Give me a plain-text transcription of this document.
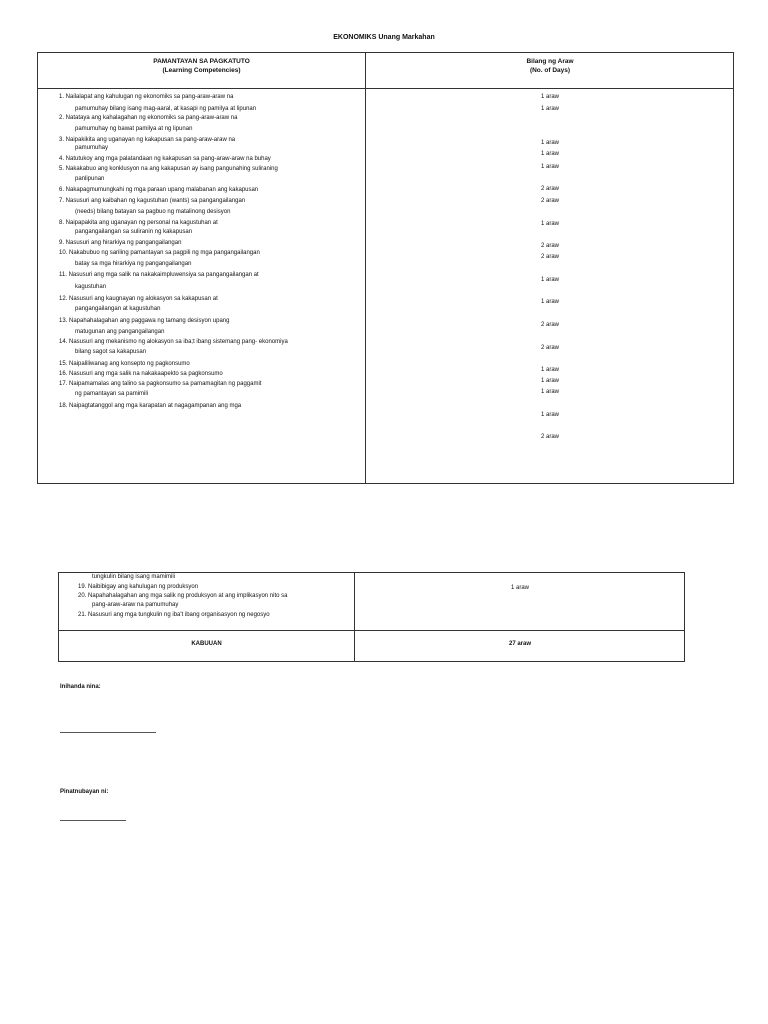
EKONOMIKS Unang Markahan
PAMANTAYAN SA PAGKATUTO
(Learning Competencies)
Bilang ng Araw
(No. of Days)
1. Nailalapat ang kahulugan ng ekonomiks sa pang-araw-araw na
pamumuhay bilang isang mag-aaral, at kasapi ng pamilya at lipunan
2. Natataya ang kahalagahan ng ekonomiks sa pang-araw-araw na
pamumuhay ng bawat pamilya at ng lipunan
3. Naipakikita ang uganayan ng kakapusan sa pang-araw-araw na
pamumuhay
4. Natutukoy ang mga palatandaan ng kakapusan sa pang-araw-araw na buhay
5. Nakakabuo ang konklusyon na ang kakapusan ay isang pangunahing suliraning
panlipunan
6. Nakapagmumungkahi ng mga paraan upang malabanan ang kakapusan
7. Nasusuri ang kaibahan ng kagustuhan (wants) sa pangangailangan
(needs) bilang batayan sa pagbuo ng matalinong desisyon
8. Naipapakita ang uganayan ng personal na kagustuhan at
pangangailangan sa suliranin ng kakapusan
9. Nasusuri ang hirarkiya ng pangangailangan
10. Nakabubuo ng sariling pamantayan sa pagpili ng mga pangangailangan
batay sa mga hirarkiya ng pangangailangan
11. Nasusuri ang mga salik na nakakaimpluwensiya sa pangangailangan at
kagustuhan
12. Nasusuri ang kaugnayan ng alokasyon sa kakapusan at
pangangailangan at kagustuhan
13. Napahahalagahan ang paggawa ng tamang desisyon upang
matugunan ang pangangailangan
14. Nasusuri ang mekanismo ng alokasyon sa iba;t ibang sistemang pang- ekonomiya
bilang sagot sa kakapusan
15. Naipaliliwanag ang konsepto ng pagkonsumo
16. Nasusuri ang mga salik na nakakaapekto sa pagkonsumo
17. Naipamamalas ang talino sa pagkonsumo sa pamamagitan ng paggamit
ng pamantayan sa pamimili
18. Naipagtatanggol ang mga karapatan at nagagampanan ang mga
1 araw
1 araw
1 araw
1 araw
1 araw
2 araw
2 araw
1 araw
2 araw
2 araw
1 araw
1 araw
2 araw
2 araw
1 araw
1 araw
1 araw
1 araw
2 araw
tungkulin bilang isang mamimili
19. Naibibigay ang kahulugan ng produksyon
20. Napahahalagahan ang mga salik ng produksyon at ang implikasyon nito sa
pang-araw-araw na pamumuhay
21. Nasusuri ang mga tungkulin ng iba't ibang organisasyon ng negosyo
1 araw
KABUUAN	27 araw
Inihanda nina:
Pinatnubayan ni:
